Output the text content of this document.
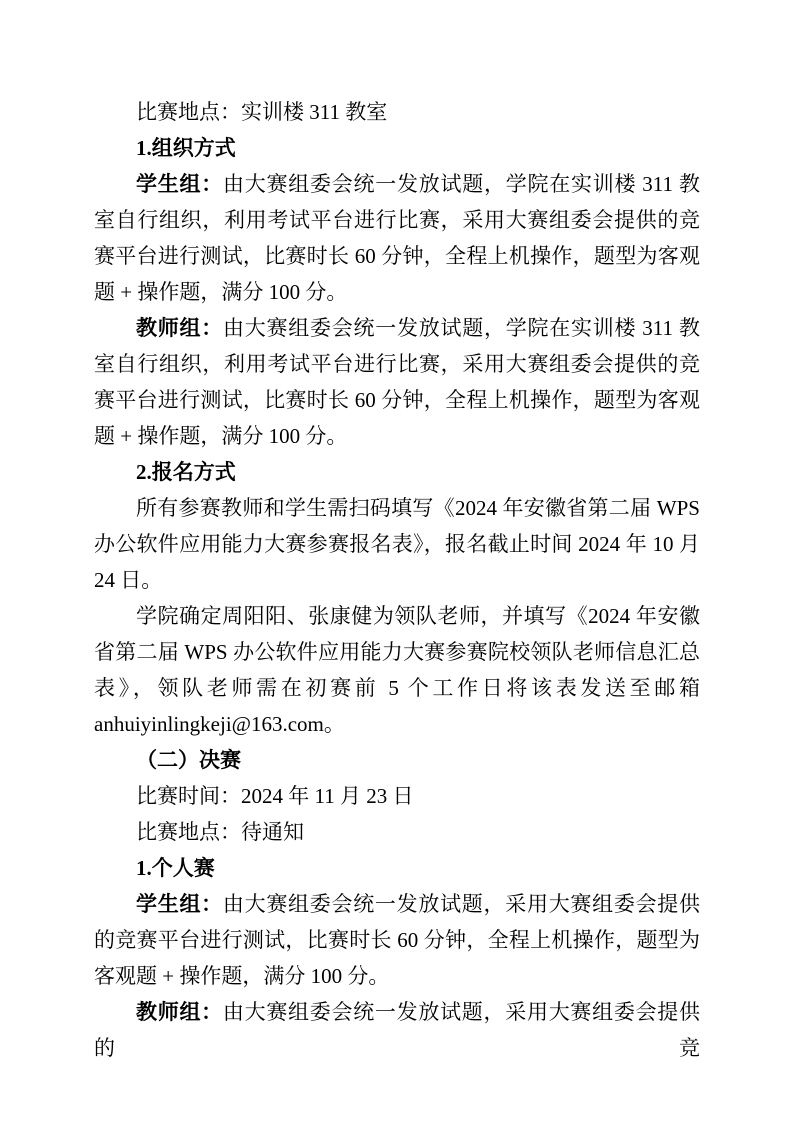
比赛地点：实训楼 311 教室

1.组织方式

学生组：由大赛组委会统一发放试题，学院在实训楼 311 教室自行组织，利用考试平台进行比赛，采用大赛组委会提供的竞赛平台进行测试，比赛时长 60 分钟，全程上机操作，题型为客观题 + 操作题，满分 100 分。

教师组：由大赛组委会统一发放试题，学院在实训楼 311 教室自行组织，利用考试平台进行比赛，采用大赛组委会提供的竞赛平台进行测试，比赛时长 60 分钟，全程上机操作，题型为客观题 + 操作题，满分 100 分。

2.报名方式

所有参赛教师和学生需扫码填写《2024 年安徽省第二届 WPS 办公软件应用能力大赛参赛报名表》，报名截止时间 2024 年 10 月 24 日。

学院确定周阳阳、张康健为领队老师，并填写《2024 年安徽省第二届 WPS 办公软件应用能力大赛参赛院校领队老师信息汇总表》，领队老师需在初赛前 5 个工作日将该表发送至邮箱 anhuiyinlingkeji@163.com。

（二）决赛

比赛时间：2024 年 11 月 23 日

比赛地点：待通知

1.个人赛

学生组：由大赛组委会统一发放试题，采用大赛组委会提供的竞赛平台进行测试，比赛时长 60 分钟，全程上机操作，题型为客观题 + 操作题，满分 100 分。

教师组：由大赛组委会统一发放试题，采用大赛组委会提供的竞
